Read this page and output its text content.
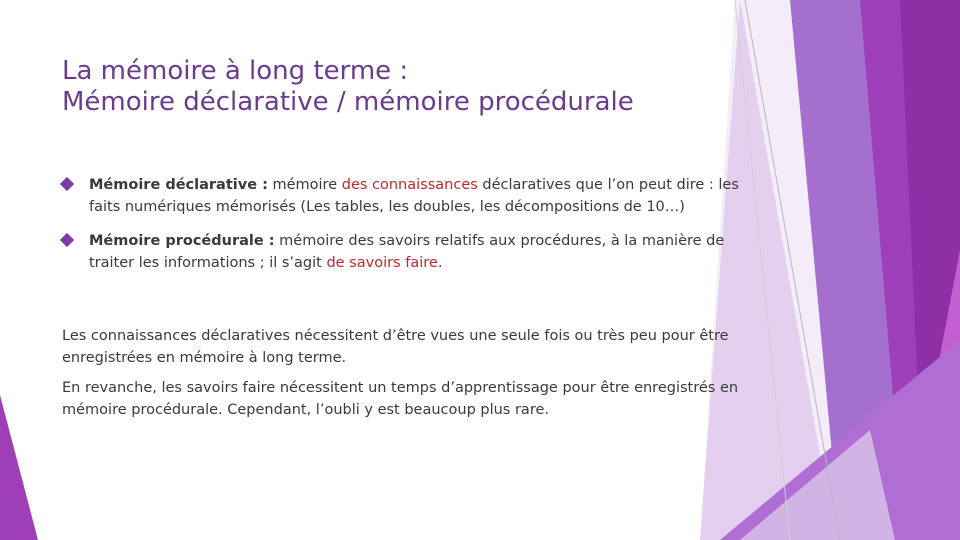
La mémoire à long terme :
Mémoire déclarative / mémoire procédurale
Mémoire déclarative : mémoire des connaissances déclaratives que l’on peut dire : les faits numériques mémorisés (Les tables, les doubles, les décompositions de 10…)
Mémoire procédurale : mémoire des savoirs relatifs aux procédures, à la manière de traiter les informations ; il s’agit de savoirs faire.

Les connaissances déclaratives nécessitent d’être vues une seule fois ou très peu pour être enregistrées en mémoire à long terme.

En revanche, les savoirs faire nécessitent un temps d’apprentissage pour être enregistrés en mémoire procédurale. Cependant, l’oubli y est beaucoup plus rare.
